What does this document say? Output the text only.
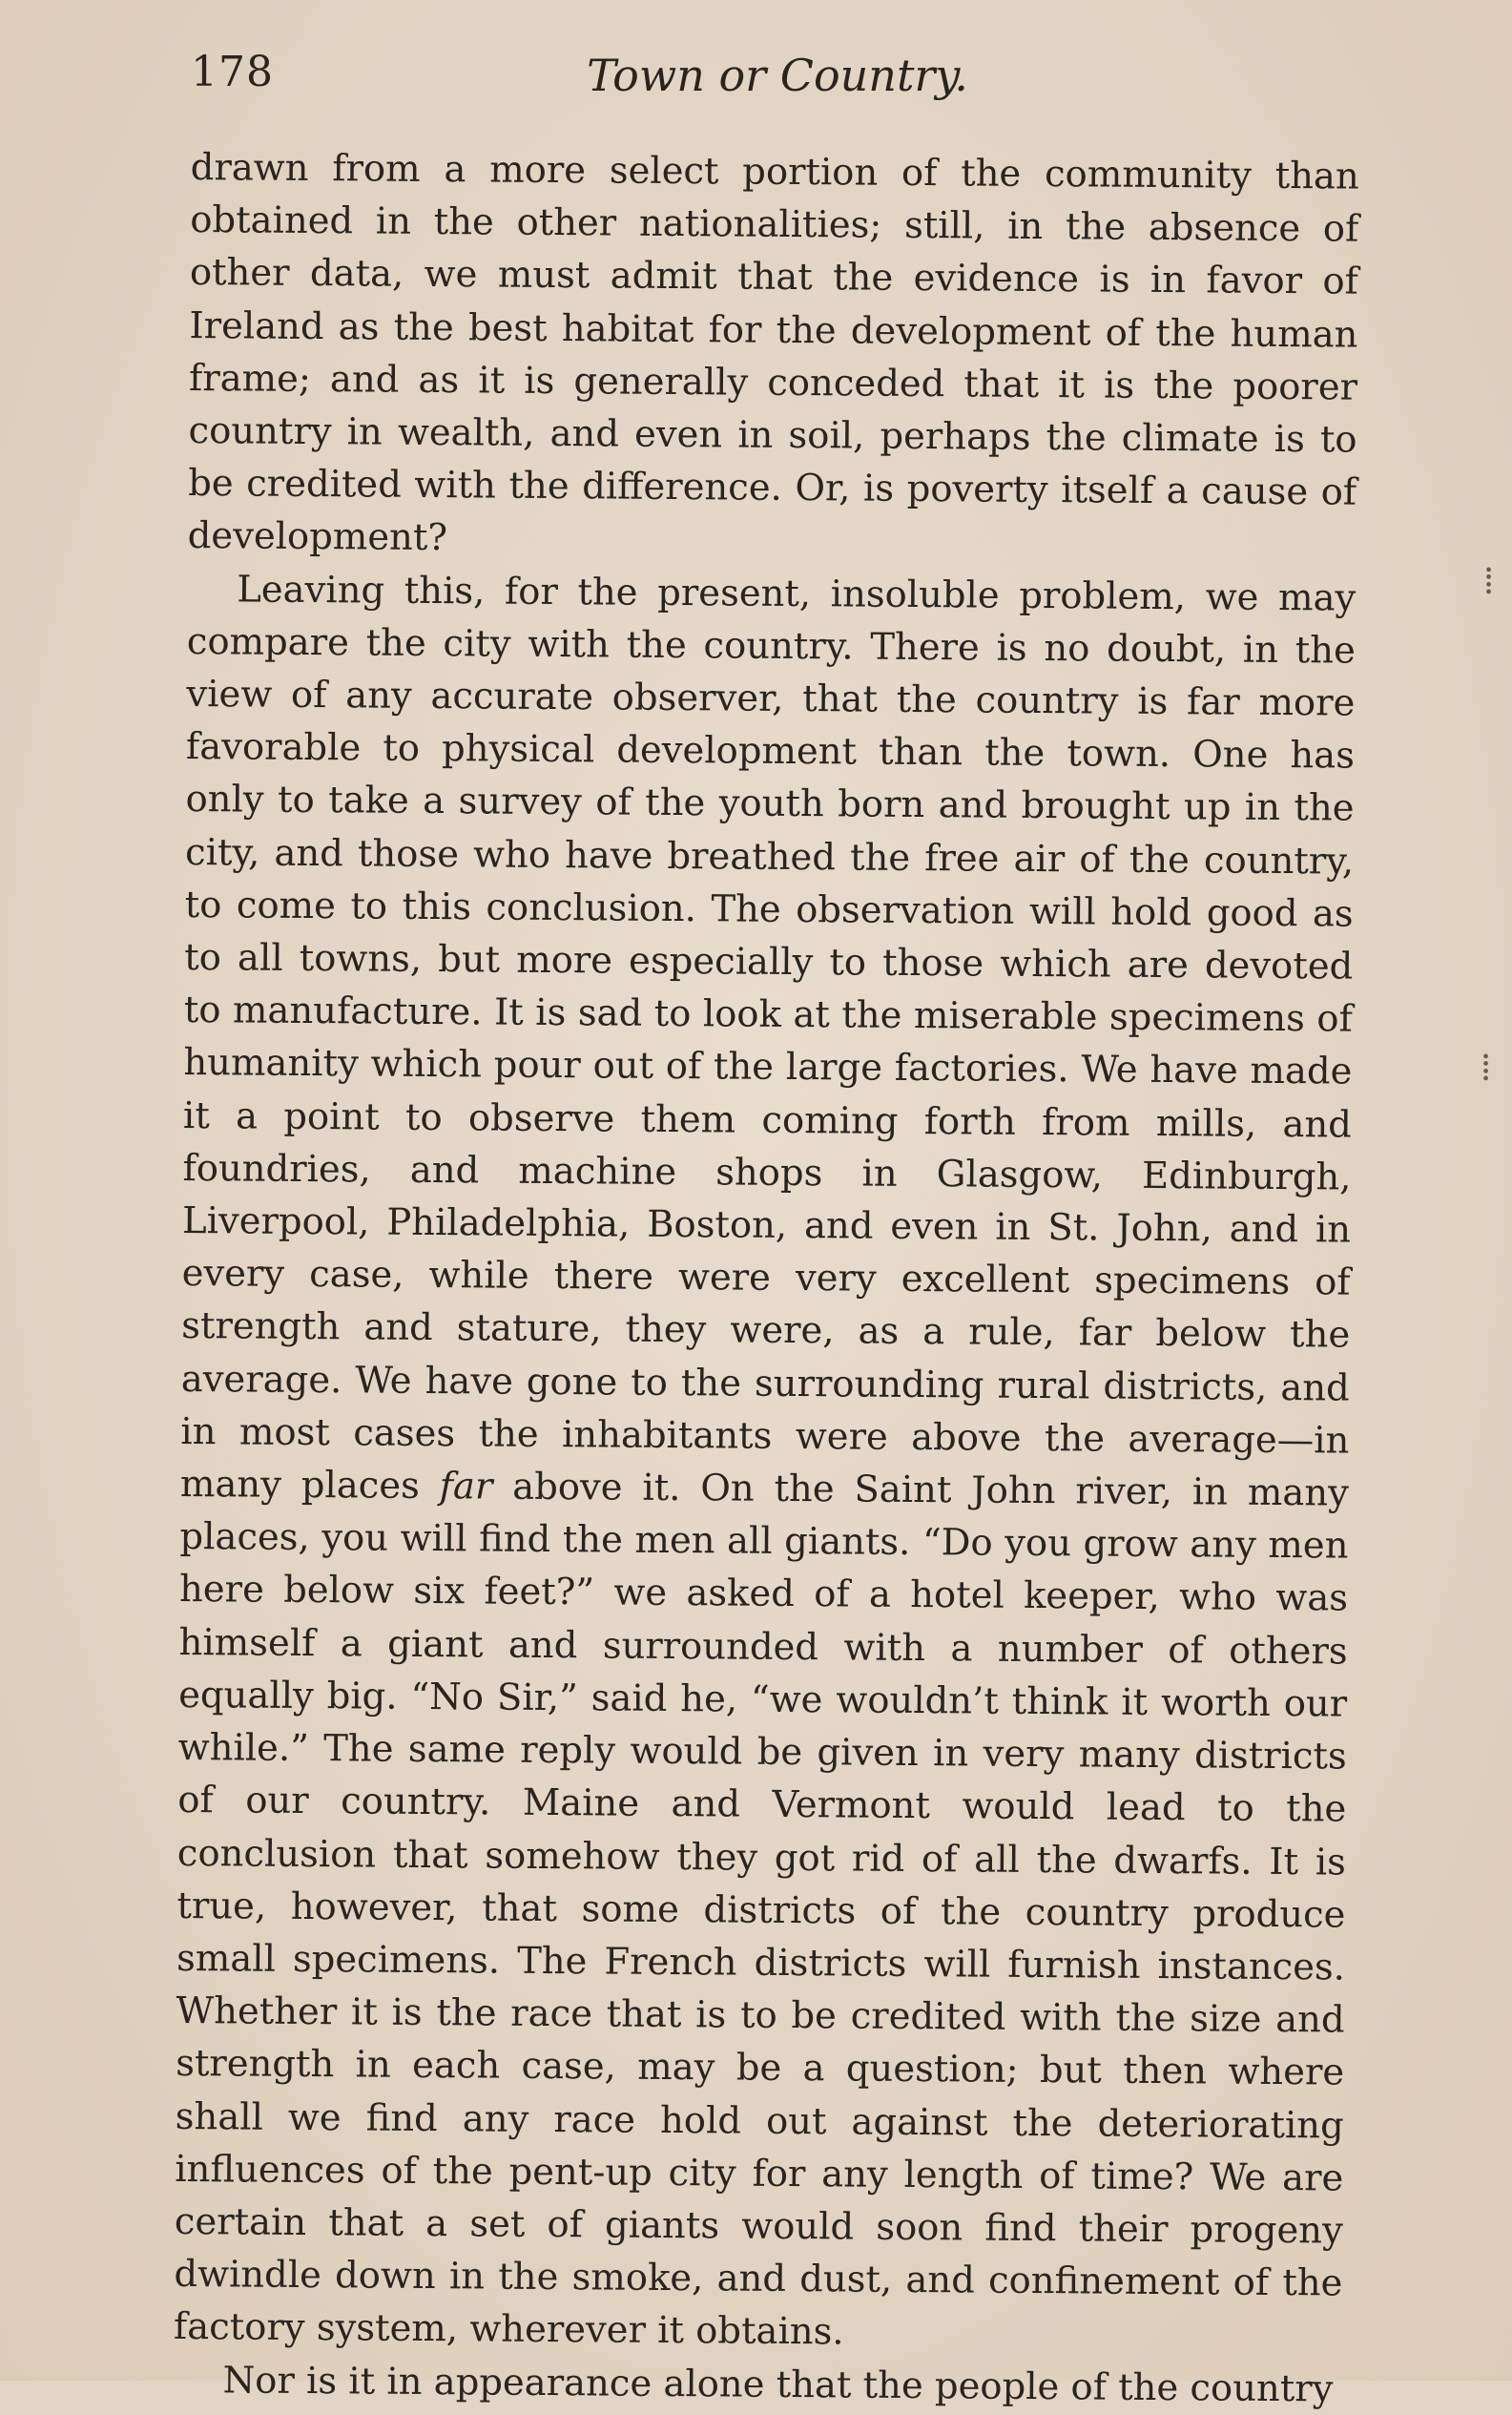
178	Town or Country.

drawn from a more select portion of the community than obtained in the other nationalities; still, in the absence of other data, we must admit that the evidence is in favor of Ireland as the best habitat for the development of the human frame; and as it is generally conceded that it is the poorer country in wealth, and even in soil, perhaps the climate is to be credited with the difference. Or, is poverty itself a cause of development?

Leaving this, for the present, insoluble problem, we may compare the city with the country. There is no doubt, in the view of any accurate observer, that the country is far more favorable to physical development than the town. One has only to take a survey of the youth born and brought up in the city, and those who have breathed the free air of the country, to come to this conclusion. The observation will hold good as to all towns, but more especially to those which are devoted to manufacture. It is sad to look at the miserable specimens of humanity which pour out of the large factories. We have made it a point to observe them coming forth from mills, and foundries, and machine shops in Glasgow, Edinburgh, Liverpool, Philadelphia, Boston, and even in St. John, and in every case, while there were very excellent specimens of strength and stature, they were, as a rule, far below the average. We have gone to the surrounding rural districts, and in most cases the inhabitants were above the average—in many places far above it. On the Saint John river, in many places, you will find the men all giants. “Do you grow any men here below six feet?” we asked of a hotel keeper, who was himself a giant and surrounded with a number of others equally big. “No Sir,” said he, “we wouldn’t think it worth our while.” The same reply would be given in very many districts of our country. Maine and Vermont would lead to the conclusion that somehow they got rid of all the dwarfs. It is true, however, that some districts of the country produce small specimens. The French districts will furnish instances. Whether it is the race that is to be credited with the size and strength in each case, may be a question; but then where shall we find any race hold out against the deteriorating influences of the pent-up city for any length of time? We are certain that a set of giants would soon find their progeny dwindle down in the smoke, and dust, and confinement of the factory system, wherever it obtains.

Nor is it in appearance alone that the people of the country

⁞
⁞
